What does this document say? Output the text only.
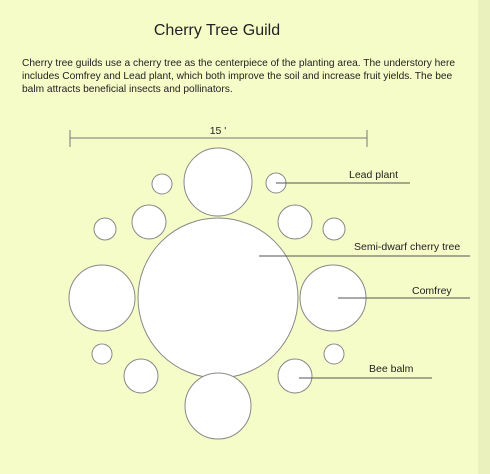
Cherry Tree Guild
Cherry tree guilds use a cherry tree as the centerpiece of the planting area. The understory here includes Comfrey and Lead plant, which both improve the soil and increase fruit yields. The bee balm attracts beneficial insects and pollinators.
15 '
Lead plant
Semi-dwarf cherry tree
Comfrey
Bee balm
